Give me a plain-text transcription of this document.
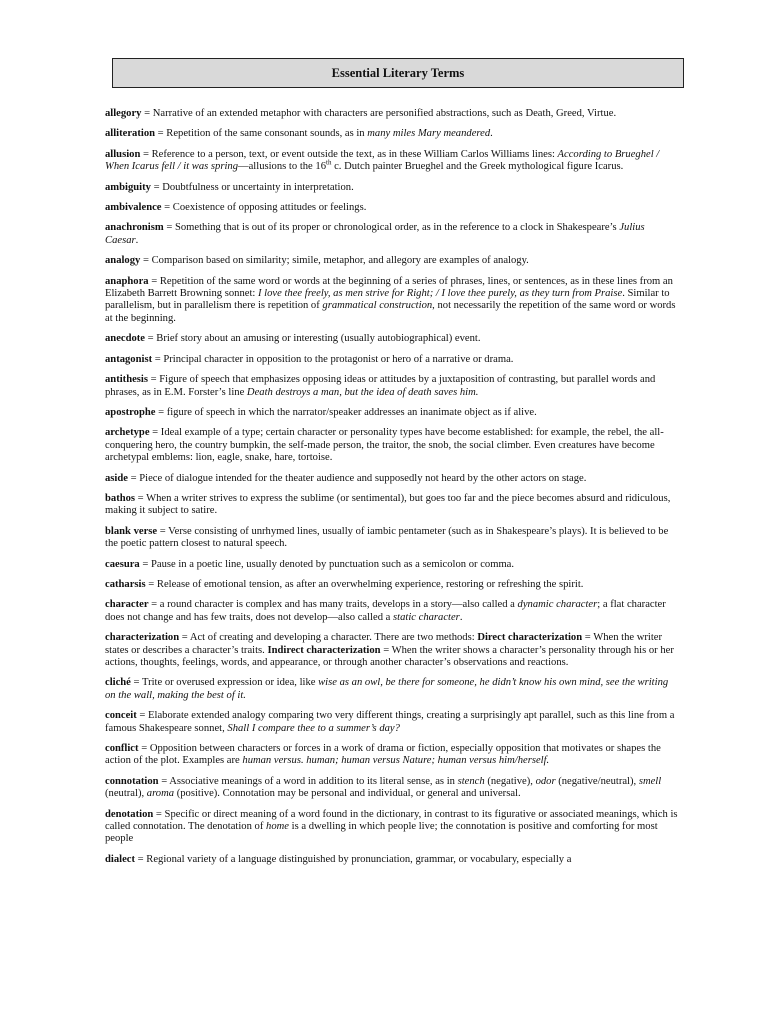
Essential Literary Terms

allegory = Narrative of an extended metaphor with characters are personified abstractions, such as Death, Greed, Virtue.

alliteration = Repetition of the same consonant sounds, as in many miles Mary meandered.

allusion = Reference to a person, text, or event outside the text, as in these William Carlos Williams lines: According to Brueghel / When Icarus fell / it was spring—allusions to the 16th c. Dutch painter Brueghel and the Greek mythological figure Icarus.

ambiguity = Doubtfulness or uncertainty in interpretation.

ambivalence = Coexistence of opposing attitudes or feelings.

anachronism = Something that is out of its proper or chronological order, as in the reference to a clock in Shakespeare’s Julius Caesar.

analogy = Comparison based on similarity; simile, metaphor, and allegory are examples of analogy.

anaphora = Repetition of the same word or words at the beginning of a series of phrases, lines, or sentences, as in these lines from an Elizabeth Barrett Browning sonnet: I love thee freely, as men strive for Right; / I love thee purely, as they turn from Praise. Similar to parallelism, but in parallelism there is repetition of grammatical construction, not necessarily the repetition of the same word or words at the beginning.

anecdote = Brief story about an amusing or interesting (usually autobiographical) event.

antagonist = Principal character in opposition to the protagonist or hero of a narrative or drama.

antithesis = Figure of speech that emphasizes opposing ideas or attitudes by a juxtaposition of contrasting, but parallel words and phrases, as in E.M. Forster’s line Death destroys a man, but the idea of death saves him.

apostrophe = figure of speech in which the narrator/speaker addresses an inanimate object as if alive.

archetype = Ideal example of a type; certain character or personality types have become established: for example, the rebel, the all-conquering hero, the country bumpkin, the self-made person, the traitor, the snob, the social climber. Even creatures have become archetypal emblems: lion, eagle, snake, hare, tortoise.

aside = Piece of dialogue intended for the theater audience and supposedly not heard by the other actors on stage.

bathos = When a writer strives to express the sublime (or sentimental), but goes too far and the piece becomes absurd and ridiculous, making it subject to satire.

blank verse = Verse consisting of unrhymed lines, usually of iambic pentameter (such as in Shakespeare’s plays). It is believed to be the poetic pattern closest to natural speech.

caesura = Pause in a poetic line, usually denoted by punctuation such as a semicolon or comma.

catharsis = Release of emotional tension, as after an overwhelming experience, restoring or refreshing the spirit.

character = a round character is complex and has many traits, develops in a story—also called a dynamic character; a flat character does not change and has few traits, does not develop—also called a static character.

characterization = Act of creating and developing a character. There are two methods: Direct characterization = When the writer states or describes a character’s traits. Indirect characterization = When the writer shows a character’s personality through his or her actions, thoughts, feelings, words, and appearance, or through another character’s observations and reactions.

cliché = Trite or overused expression or idea, like wise as an owl, be there for someone, he didn’t know his own mind, see the writing on the wall, making the best of it.

conceit = Elaborate extended analogy comparing two very different things, creating a surprisingly apt parallel, such as this line from a famous Shakespeare sonnet, Shall I compare thee to a summer’s day?

conflict = Opposition between characters or forces in a work of drama or fiction, especially opposition that motivates or shapes the action of the plot. Examples are human versus. human; human versus Nature; human versus him/herself.

connotation = Associative meanings of a word in addition to its literal sense, as in stench (negative), odor (negative/neutral), smell (neutral), aroma (positive). Connotation may be personal and individual, or general and universal.

denotation = Specific or direct meaning of a word found in the dictionary, in contrast to its figurative or associated meanings, which is called connotation. The denotation of home is a dwelling in which people live; the connotation is positive and comforting for most people

dialect = Regional variety of a language distinguished by pronunciation, grammar, or vocabulary, especially a
